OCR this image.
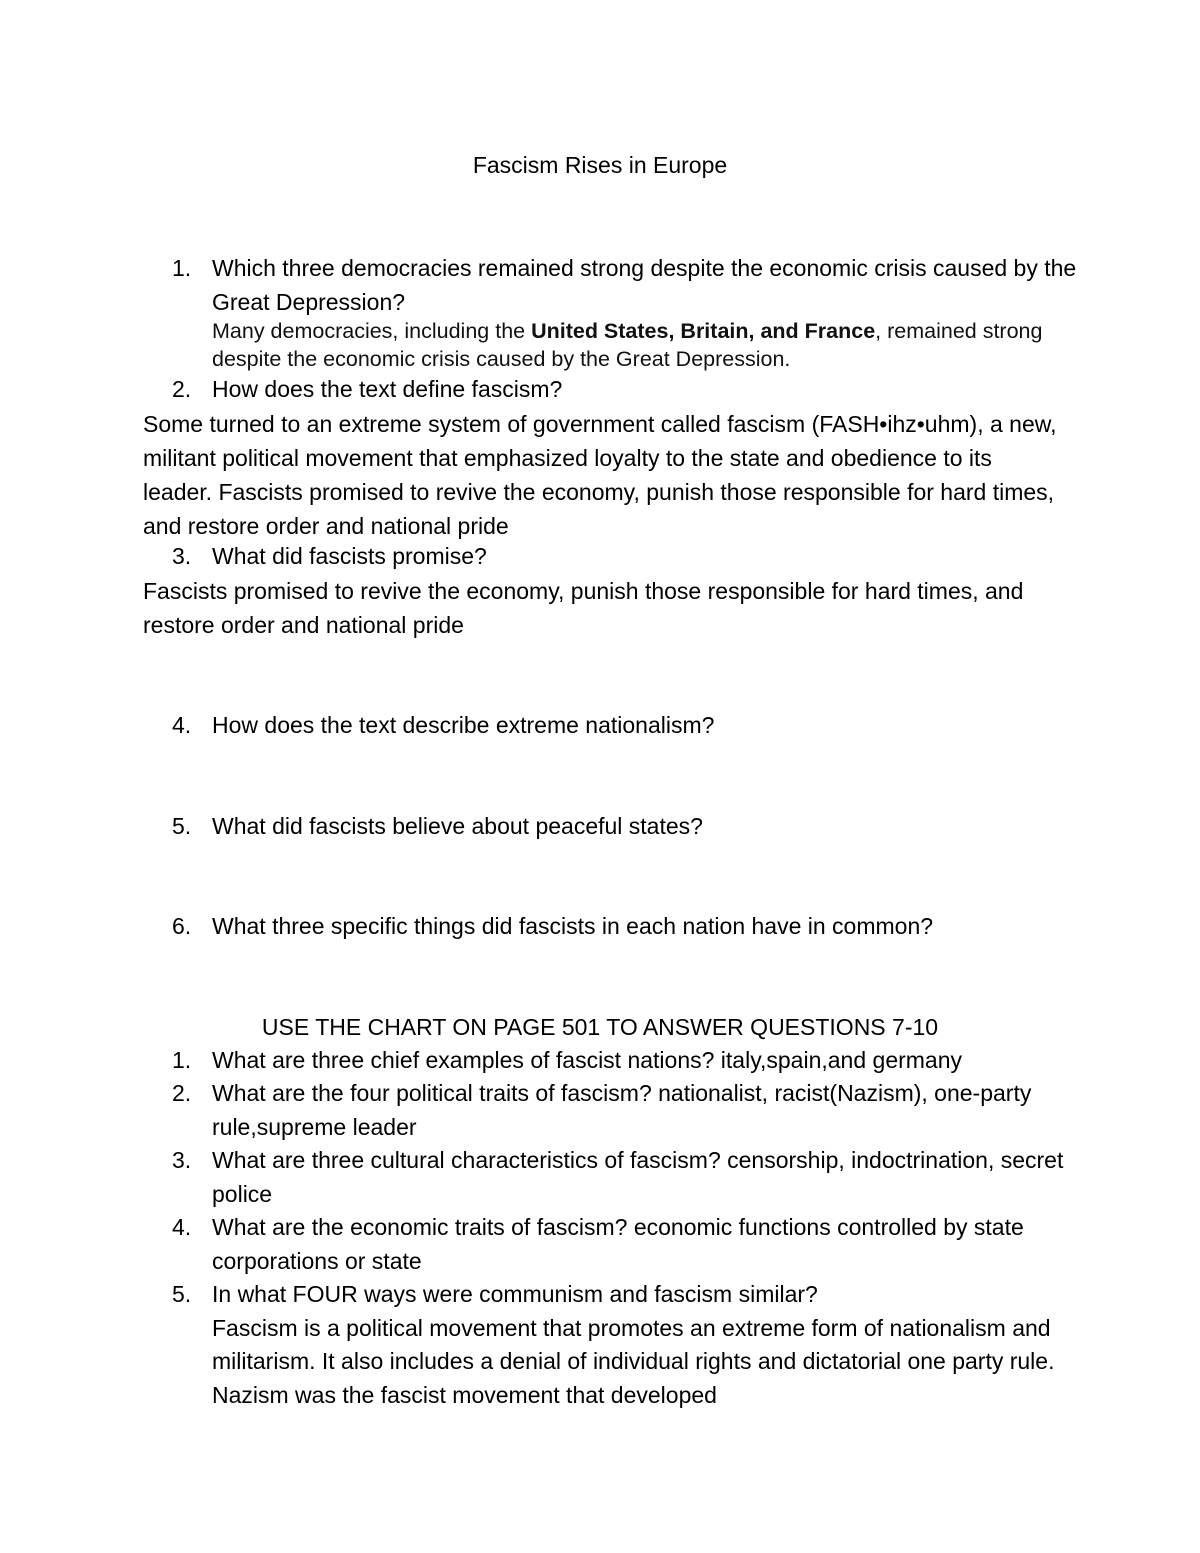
Fascism Rises in Europe
1. Which three democracies remained strong despite the economic crisis caused by the Great Depression?
Many democracies, including the United States, Britain, and France, remained strong despite the economic crisis caused by the Great Depression.
2. How does the text define fascism?
Some turned to an extreme system of government called fascism (FASH•ihz•uhm), a new, militant political movement that emphasized loyalty to the state and obedience to its leader. Fascists promised to revive the economy, punish those responsible for hard times, and restore order and national pride
3. What did fascists promise?
Fascists promised to revive the economy, punish those responsible for hard times, and restore order and national pride
4. How does the text describe extreme nationalism?
5. What did fascists believe about peaceful states?
6. What three specific things did fascists in each nation have in common?
USE THE CHART ON PAGE 501 TO ANSWER QUESTIONS 7-10
1. What are three chief examples of fascist nations? italy,spain,and germany
2. What are the four political traits of fascism? nationalist, racist(Nazism), one-party rule,supreme leader
3. What are three cultural characteristics of fascism? censorship, indoctrination, secret police
4. What are the economic traits of fascism? economic functions controlled by state corporations or state
5. In what FOUR ways were communism and fascism similar?
Fascism is a political movement that promotes an extreme form of nationalism and militarism. It also includes a denial of individual rights and dictatorial one party rule. Nazism was the fascist movement that developed
